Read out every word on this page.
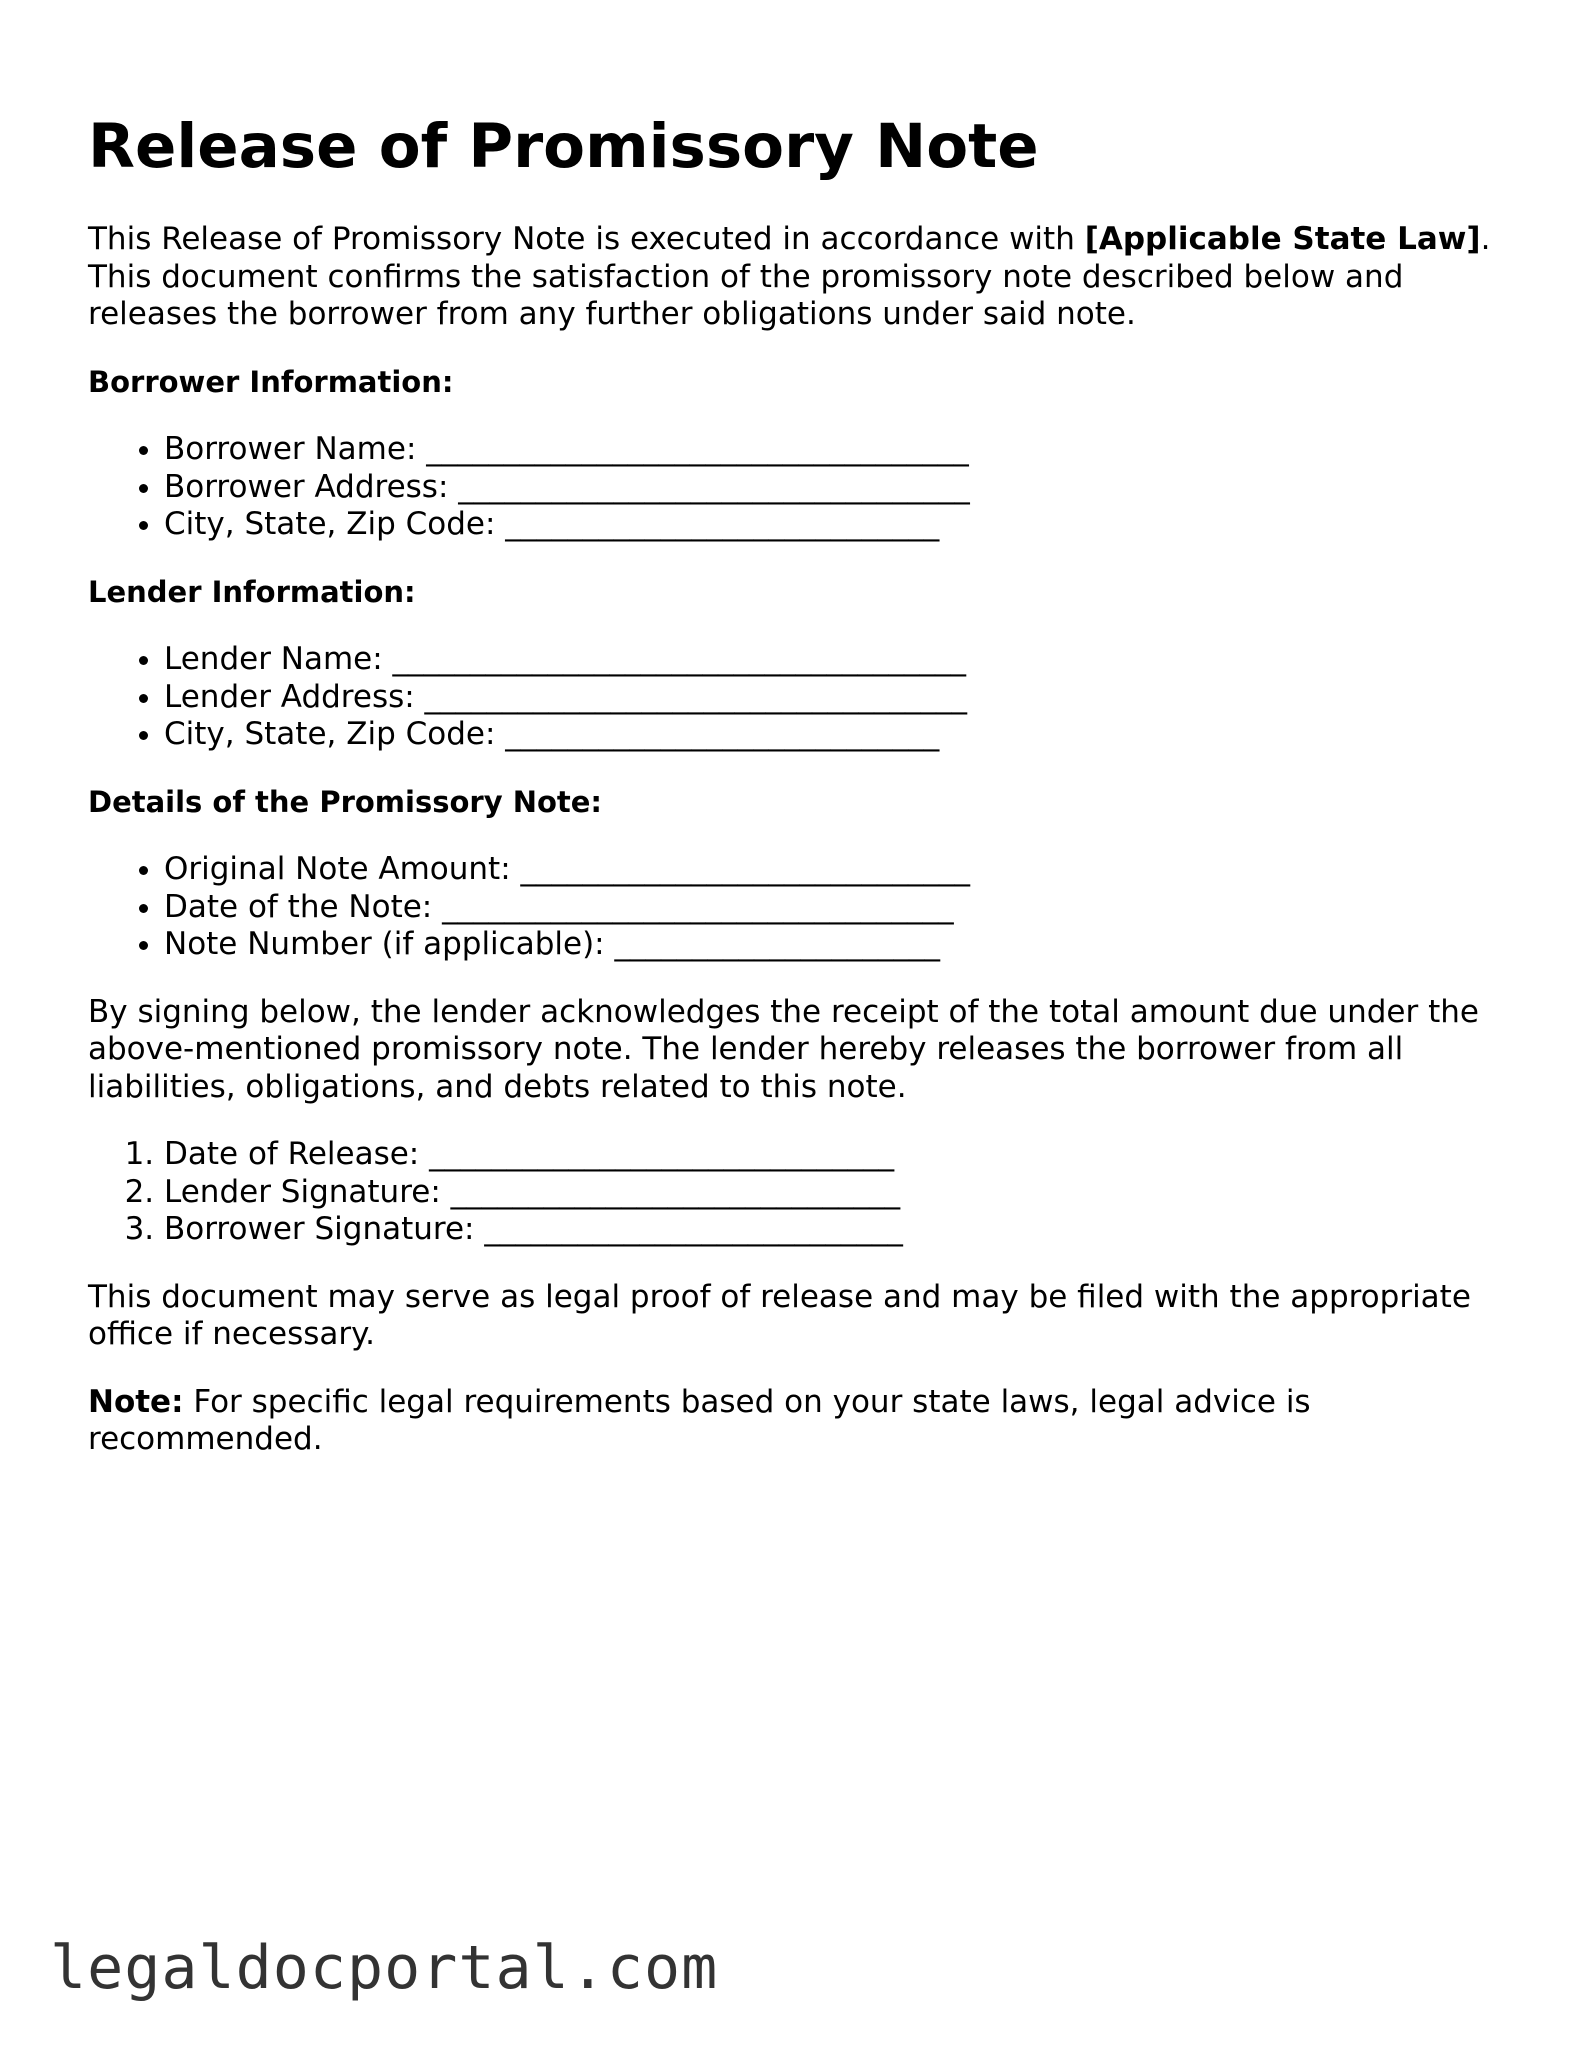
Release of Promissory Note

This Release of Promissory Note is executed in accordance with [Applicable State Law]. This document confirms the satisfaction of the promissory note described below and releases the borrower from any further obligations under said note.

Borrower Information:
• Borrower Name: ___________________________________
• Borrower Address: _________________________________
• City, State, Zip Code: ____________________________
Lender Information:
• Lender Name: _____________________________________
• Lender Address: ___________________________________
• City, State, Zip Code: ____________________________
Details of the Promissory Note:
• Original Note Amount: _____________________________
• Date of the Note: _________________________________
• Note Number (if applicable): _____________________

By signing below, the lender acknowledges the receipt of the total amount due under the above-mentioned promissory note. The lender hereby releases the borrower from all liabilities, obligations, and debts related to this note.

1. Date of Release: ______________________________
2. Lender Signature: _____________________________
3. Borrower Signature: ___________________________

This document may serve as legal proof of release and may be filed with the appropriate office if necessary.

Note: For specific legal requirements based on your state laws, legal advice is recommended.

legaldocportal.com
